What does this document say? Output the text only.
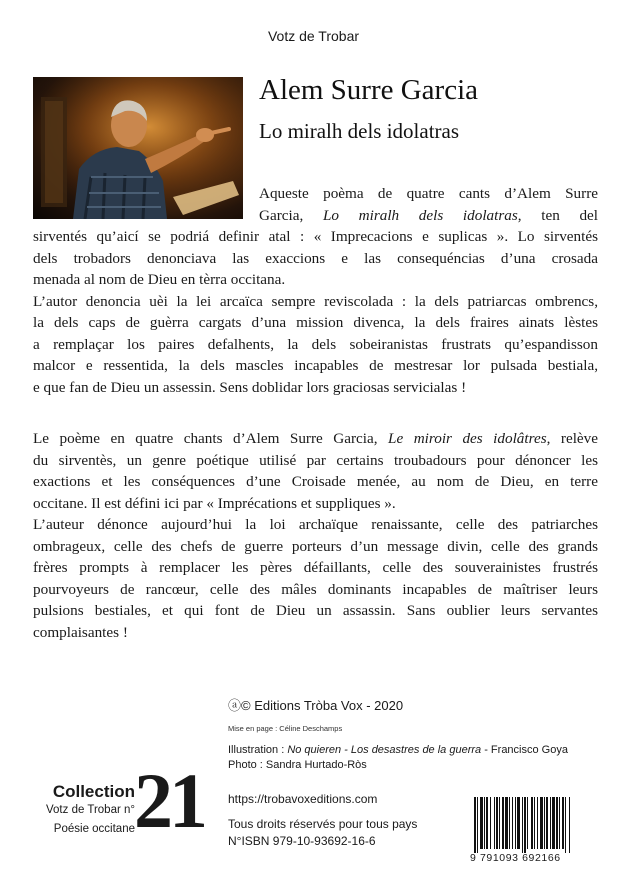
Votz de Trobar
Alem Surre Garcia
Lo miralh dels idolatras
Aqueste poèma de quatre cants d’Alem Surre
Garcia, Lo miralh dels idolatras, ten del
sirventés qu’aicí se podriá definir atal : « Imprecacions e suplicas ». Lo sirventés
dels trobadors denonciava las exaccions e las consequéncias d’una crosada
menada al nom de Dieu en tèrra occitana.
L’autor denoncia uèi la lei arcaïca sempre reviscolada : la dels patriarcas ombrencs,
la dels caps de guèrra cargats d’una mission divenca, la dels fraires ainats lèstes
a remplaçar los paires defalhents, la dels sobeiranistas frustrats qu’espandisson
malcor e ressentida, la dels mascles incapables de mestresar lor pulsada bestiala,
e que fan de Dieu un assessin. Sens doblidar lors graciosas servicialas !
Le poème en quatre chants d’Alem Surre Garcia, Le miroir des idolâtres, relève
du sirventès, un genre poétique utilisé par certains troubadours pour dénoncer les
exactions et les conséquences d’une Croisade menée, au nom de Dieu, en terre
occitane. Il est défini ici par « Imprécations et suppliques ».
L’auteur dénonce aujourd’hui la loi archaïque renaissante, celle des patriarches
ombrageux, celle des chefs de guerre porteurs d’un message divin, celle des grands
frères prompts à remplacer les pères défaillants, celle des souverainistes frustrés
pourvoyeurs de rancœur, celle des mâles dominants incapables de maîtriser leurs
pulsions bestiales, et qui font de Dieu un assassin. Sans oublier leurs servantes
complaisantes !
ⓐ© Editions Tròba Vox - 2020
Mise en page : Céline Deschamps
Illustration : No quieren - Los desastres de la guerra - Francisco Goya
Photo : Sandra Hurtado-Ròs
https://trobavoxeditions.com
Tous droits réservés pour tous pays
N°ISBN 979-10-93692-16-6
Collection
Votz de Trobar n°
Poésie occitane 21
9 791093 692166
